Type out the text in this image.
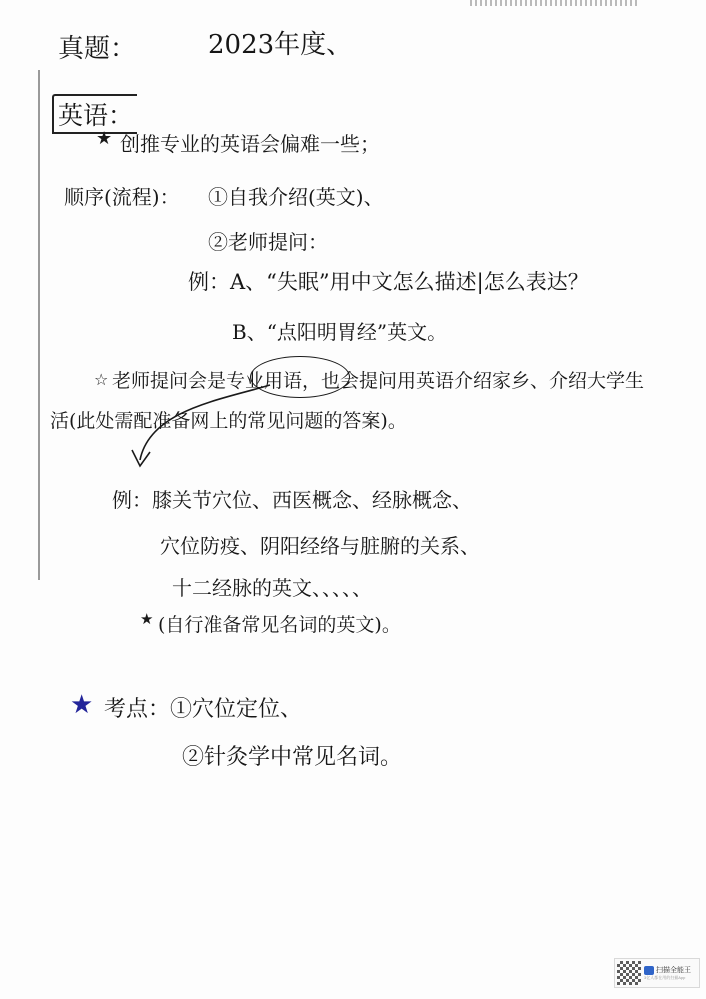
真题：	2023年度、
英语：
★ 创推专业的英语会偏难一些；
顺序(流程)： ①自我介绍(英文)、
②老师提问：
例：A、“失眠”用中文怎么描述|怎么表达？
B、“点阳明胃经”英文。
☆ 老师提问会是专业用语，也会提问用英语介绍家乡、介绍大学生
活(此处需配准备网上的常见问题的答案)。
例：膝关节穴位、西医概念、经脉概念、
穴位防疫、阴阳经络与脏腑的关系、
十二经脉的英文、、、、、
★ (自行准备常见名词的英文)。
★ 考点：①穴位定位、
②针灸学中常见名词。
扫描全能王
3亿人都在用的扫描App
